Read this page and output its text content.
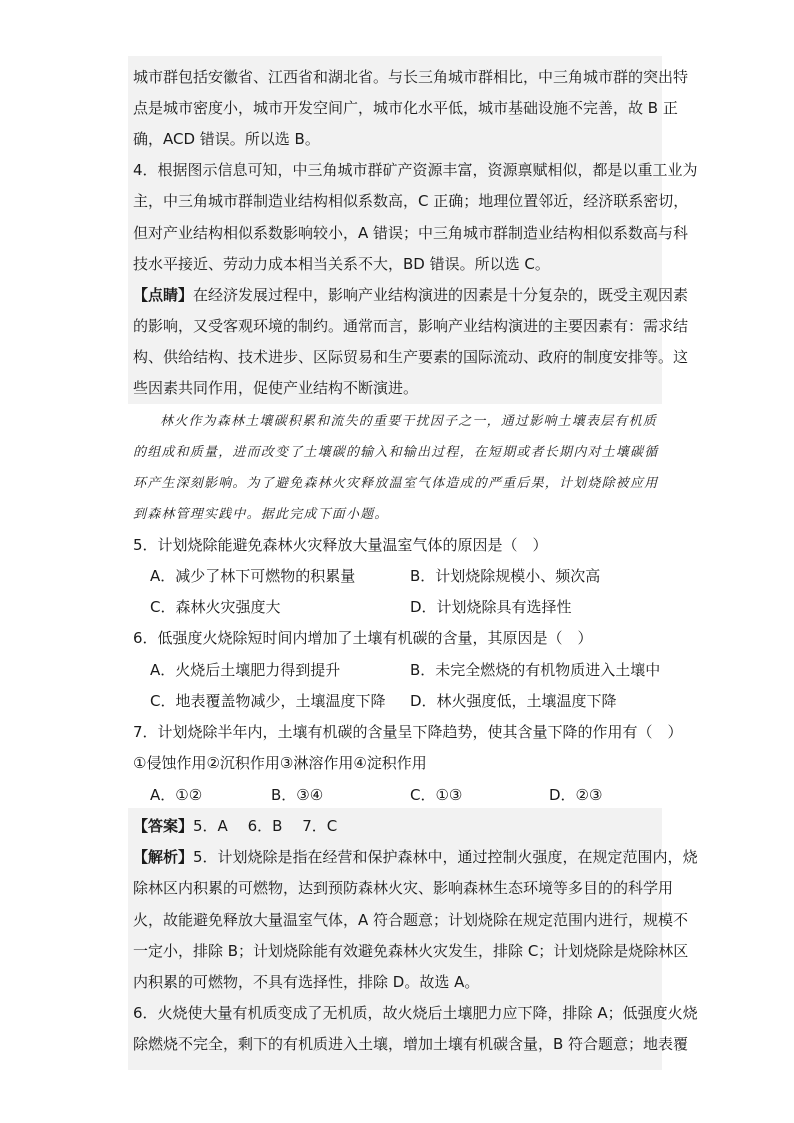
城市群包括安徽省、江西省和湖北省。与长三角城市群相比，中三角城市群的突出特
点是城市密度小，城市开发空间广，城市化水平低，城市基础设施不完善，故 B 正
确，ACD 错误。所以选 B。
4．根据图示信息可知，中三角城市群矿产资源丰富，资源禀赋相似，都是以重工业为
主，中三角城市群制造业结构相似系数高，C 正确；地理位置邻近，经济联系密切，
但对产业结构相似系数影响较小，A 错误；中三角城市群制造业结构相似系数高与科
技水平接近、劳动力成本相当关系不大，BD 错误。所以选 C。
【点睛】在经济发展过程中，影响产业结构演进的因素是十分复杂的，既受主观因素
的影响，又受客观环境的制约。通常而言，影响产业结构演进的主要因素有：需求结
构、供给结构、技术进步、区际贸易和生产要素的国际流动、政府的制度安排等。这
些因素共同作用，促使产业结构不断演进。
林火作为森林土壤碳积累和流失的重要干扰因子之一，通过影响土壤表层有机质
的组成和质量，进而改变了土壤碳的输入和输出过程，在短期或者长期内对土壤碳循
环产生深刻影响。为了避免森林火灾释放温室气体造成的严重后果，计划烧除被应用
到森林管理实践中。据此完成下面小题。
5．计划烧除能避免森林火灾释放大量温室气体的原因是（　）
A．减少了林下可燃物的积累量	B．计划烧除规模小、频次高
C．森林火灾强度大	D．计划烧除具有选择性
6．低强度火烧除短时间内增加了土壤有机碳的含量，其原因是（　）
A．火烧后土壤肥力得到提升	B．未完全燃烧的有机物质进入土壤中
C．地表覆盖物减少，土壤温度下降 D．林火强度低，土壤温度下降
7．计划烧除半年内，土壤有机碳的含量呈下降趋势，使其含量下降的作用有（　）
①侵蚀作用②沉积作用③淋溶作用④淀积作用
A．①②	B．③④	C．①③	D．②③
【答案】5．A　 6．B　 7．C
【解析】5．计划烧除是指在经营和保护森林中，通过控制火强度，在规定范围内，烧
除林区内积累的可燃物，达到预防森林火灾、影响森林生态环境等多目的的科学用
火，故能避免释放大量温室气体，A 符合题意；计划烧除在规定范围内进行，规模不
一定小，排除 B；计划烧除能有效避免森林火灾发生，排除 C；计划烧除是烧除林区
内积累的可燃物，不具有选择性，排除 D。故选 A。
6．火烧使大量有机质变成了无机质，故火烧后土壤肥力应下降，排除 A；低强度火烧
除燃烧不完全，剩下的有机质进入土壤，增加土壤有机碳含量，B 符合题意；地表覆
